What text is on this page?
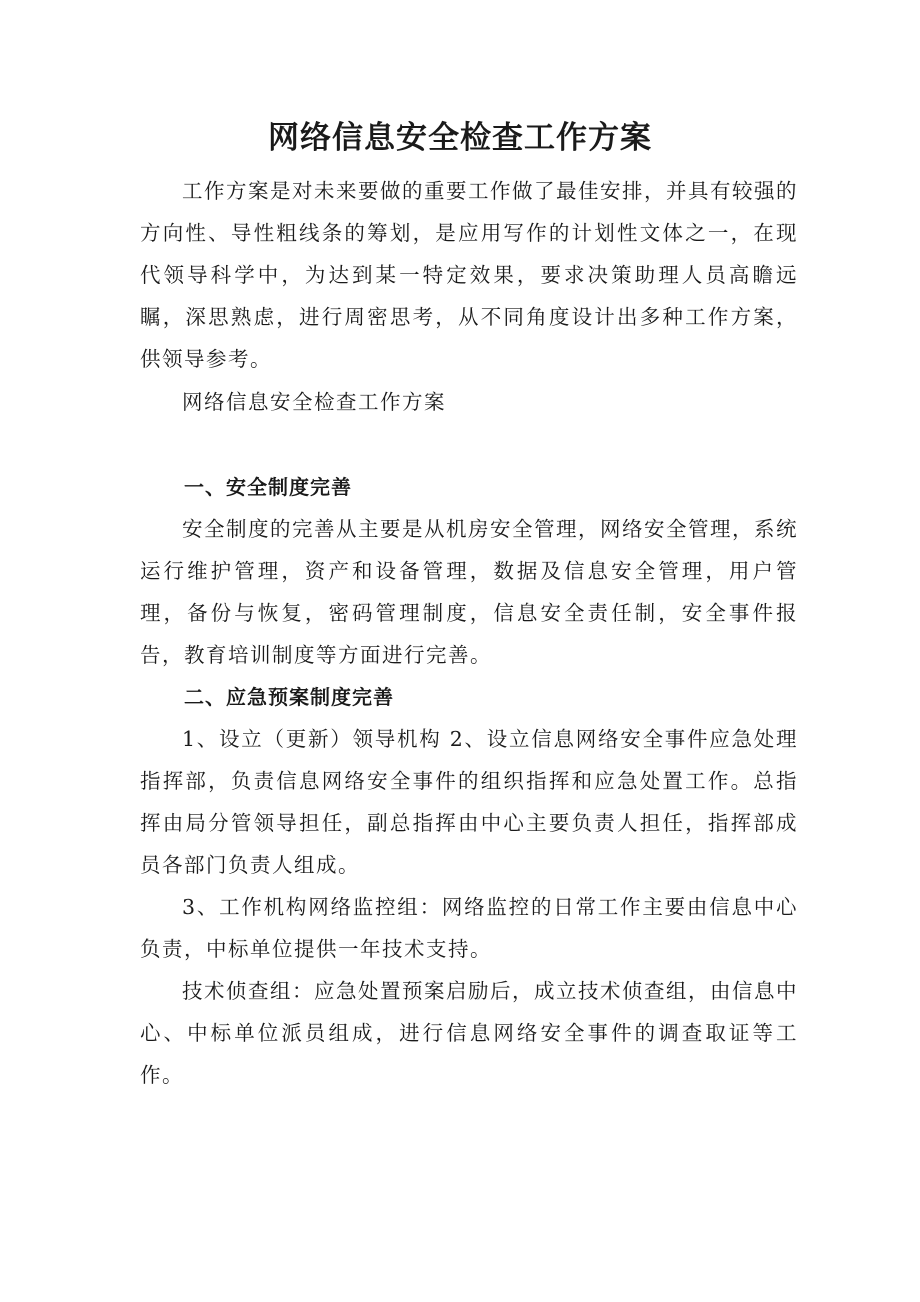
网络信息安全检查工作方案

工作方案是对未来要做的重要工作做了最佳安排，并具有较强的方向性、导性粗线条的筹划，是应用写作的计划性文体之一，在现代领导科学中，为达到某一特定效果，要求决策助理人员高瞻远瞩，深思熟虑，进行周密思考，从不同角度设计出多种工作方案，供领导参考。

网络信息安全检查工作方案

一、安全制度完善

安全制度的完善从主要是从机房安全管理，网络安全管理，系统运行维护管理，资产和设备管理，数据及信息安全管理，用户管理，备份与恢复，密码管理制度，信息安全责任制，安全事件报告，教育培训制度等方面进行完善。

二、应急预案制度完善

1、设立（更新）领导机构 2、设立信息网络安全事件应急处理指挥部，负责信息网络安全事件的组织指挥和应急处置工作。总指挥由局分管领导担任，副总指挥由中心主要负责人担任，指挥部成员各部门负责人组成。

3、工作机构网络监控组：网络监控的日常工作主要由信息中心负责，中标单位提供一年技术支持。

技术侦查组：应急处置预案启励后，成立技术侦查组，由信息中心、中标单位派员组成，进行信息网络安全事件的调查取证等工作。
